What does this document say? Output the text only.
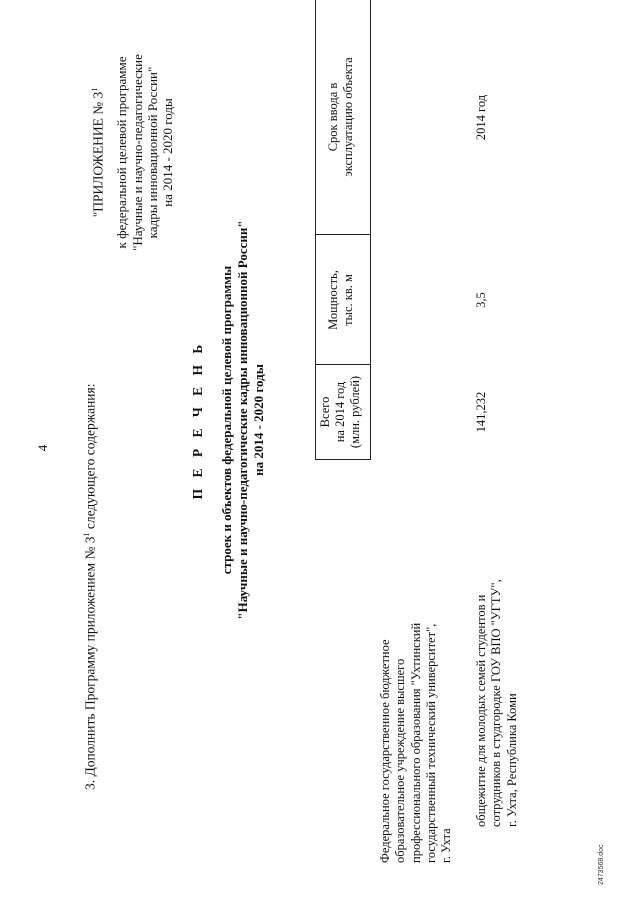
4
3. Дополнить Программу приложением № $3^1$ следующего содержания:
"ПРИЛОЖЕНИЕ № $3^1$	к федеральной целевой программе "Научные и научно-педагогические кадры инновационной России" на 2014 - 2020 годы
П Е Р Е Ч Е Н Ь строек и объектов федеральной целевой программы "Научные и научно-педагогические кадры инновационной России" на 2014 - 2020 годы	Всего на 2014 год (млн. рублей)
Мощность, тыс. кв. м
Срок ввода в эксплуатацию объекта
Федеральное государственное бюджетное образовательное учреждение высшего профессионального образования "Ухтинский государственный технический университет", г. Ухта
общежитие для молодых семей студентов и сотрудников в студгородке ГОУ ВПО "УГТУ", г. Ухта, Республика Коми
141,232
3,5
2014 год
2473568.doc
